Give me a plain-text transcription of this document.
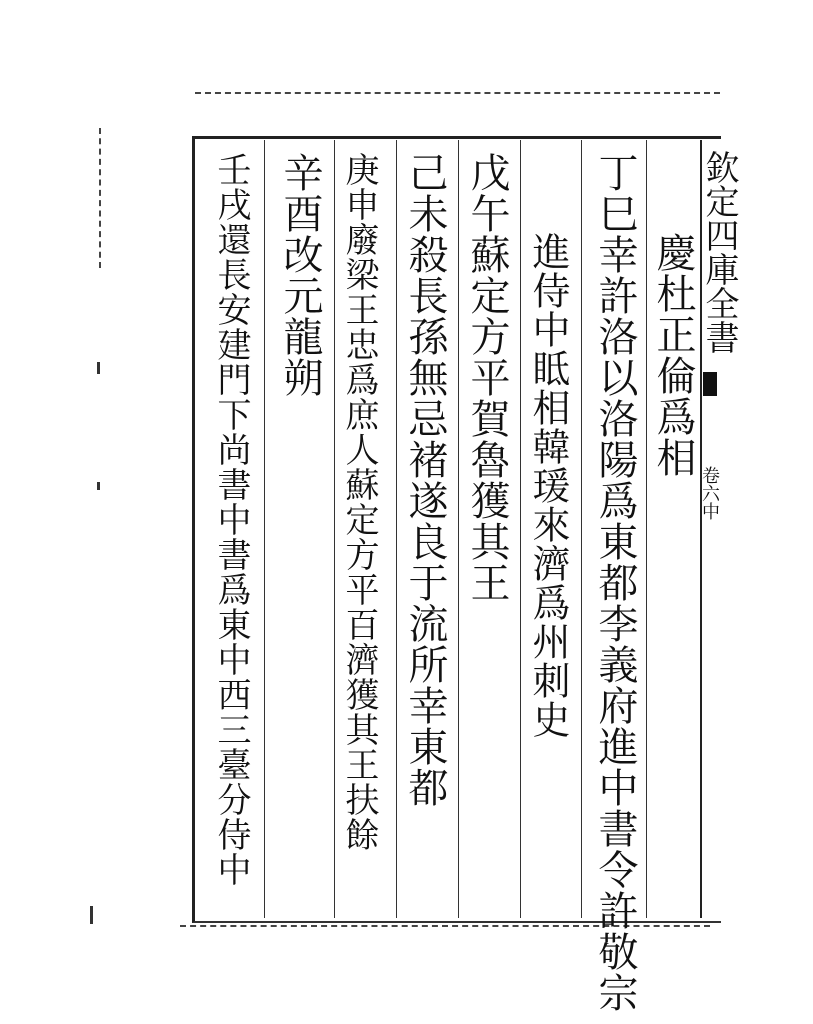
欽定四庫全書
卷六中
丁巳幸許洛以洛陽爲東都李義府進中書令許敬宗
進侍中眡相韓瑗來濟爲州刺史 慶杜正倫爲相
戊午蘇定方平賀魯獲其王
己未殺長孫無忌褚遂良于流所幸東都
庚申廢梁王忠爲庶人蘇定方平百濟獲其王扶餘
辛酉改元龍朔
壬戌還長安建門下尚書中書爲東中西三臺分侍中
